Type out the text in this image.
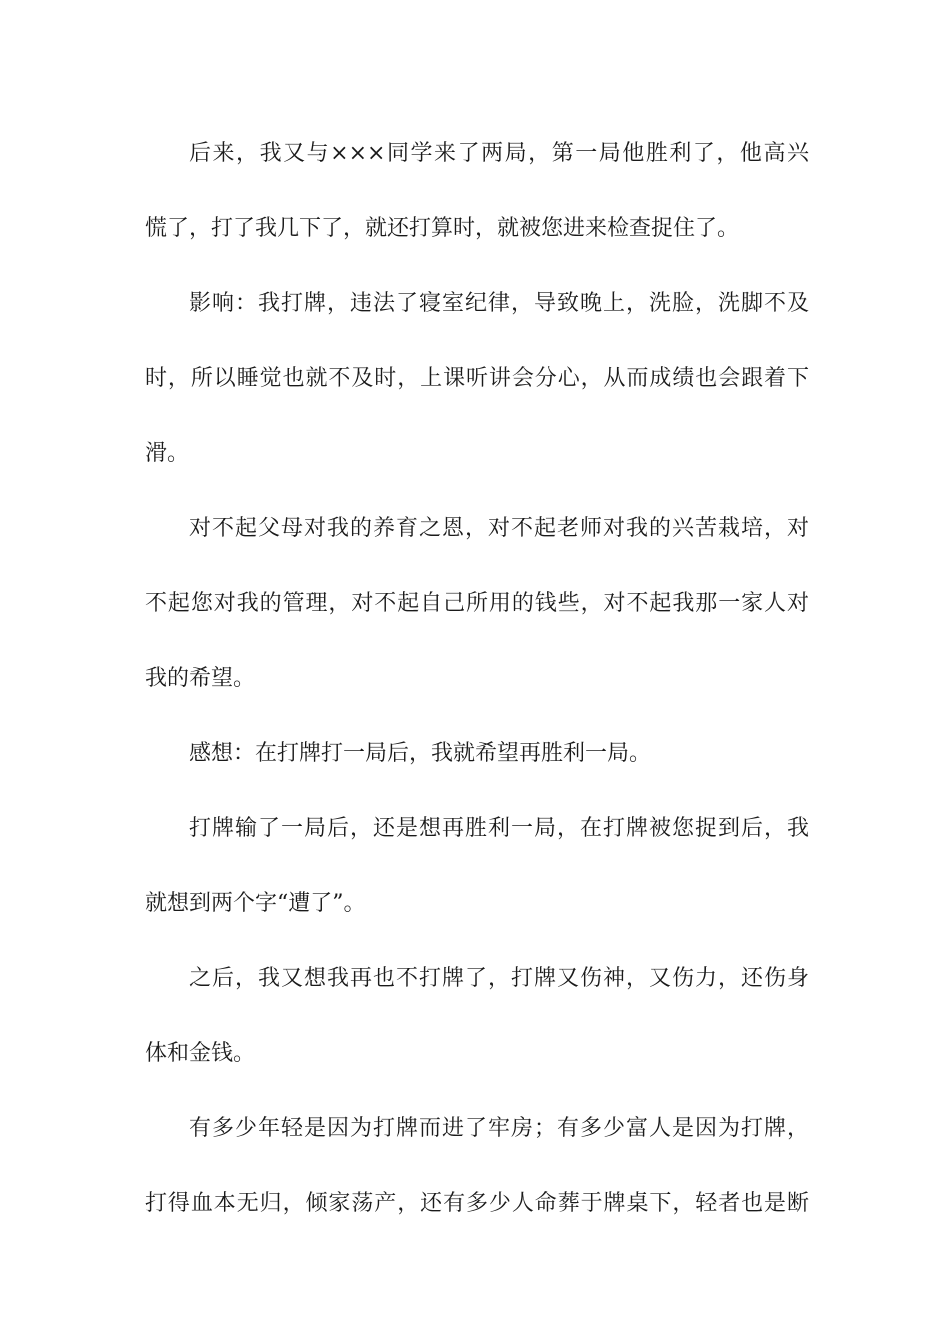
后来，我又与×××同学来了两局，第一局他胜利了，他高兴
慌了，打了我几下了，就还打算时，就被您进来检查捉住了。
影响：我打牌，违法了寝室纪律，导致晚上，洗脸，洗脚不及
时，所以睡觉也就不及时，上课听讲会分心，从而成绩也会跟着下
滑。
对不起父母对我的养育之恩，对不起老师对我的兴苦栽培，对
不起您对我的管理，对不起自己所用的钱些，对不起我那一家人对
我的希望。
感想：在打牌打一局后，我就希望再胜利一局。
打牌输了一局后，还是想再胜利一局，在打牌被您捉到后，我
就想到两个字“遭了”。
之后，我又想我再也不打牌了，打牌又伤神，又伤力，还伤身
体和金钱。
有多少年轻是因为打牌而进了牢房；有多少富人是因为打牌，
打得血本无归，倾家荡产，还有多少人命葬于牌桌下，轻者也是断
